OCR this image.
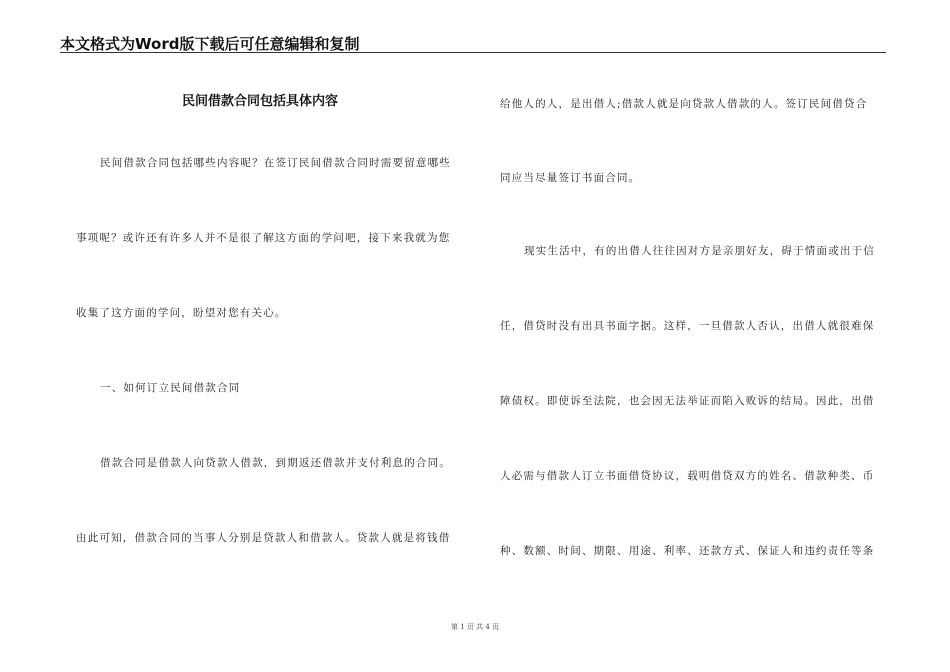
本文格式为Word版下载后可任意编辑和复制
民间借款合同包括具体内容
民间借款合同包括哪些内容呢？在签订民间借款合同时需要留意哪些
事项呢？或许还有许多人并不是很了解这方面的学问吧，接下来我就为您
收集了这方面的学问，盼望对您有关心。
一、如何订立民间借款合同
借款合同是借款人向贷款人借款，到期返还借款并支付利息的合同。
由此可知，借款合同的当事人分别是贷款人和借款人。贷款人就是将钱借
给他人的人，是出借人;借款人就是向贷款人借款的人。签订民间借贷合
同应当尽量签订书面合同。
现实生活中，有的出借人往往因对方是亲朋好友，碍于情面或出于信
任，借贷时没有出具书面字据。这样，一旦借款人否认，出借人就很难保
障债权。即使诉至法院，也会因无法举证而陷入败诉的结局。因此，出借
人必需与借款人订立书面借贷协议，载明借贷双方的姓名、借款种类、币
种、数额、时间、期限、用途、利率、还款方式、保证人和违约责任等条
第 1 页 共 4 页
